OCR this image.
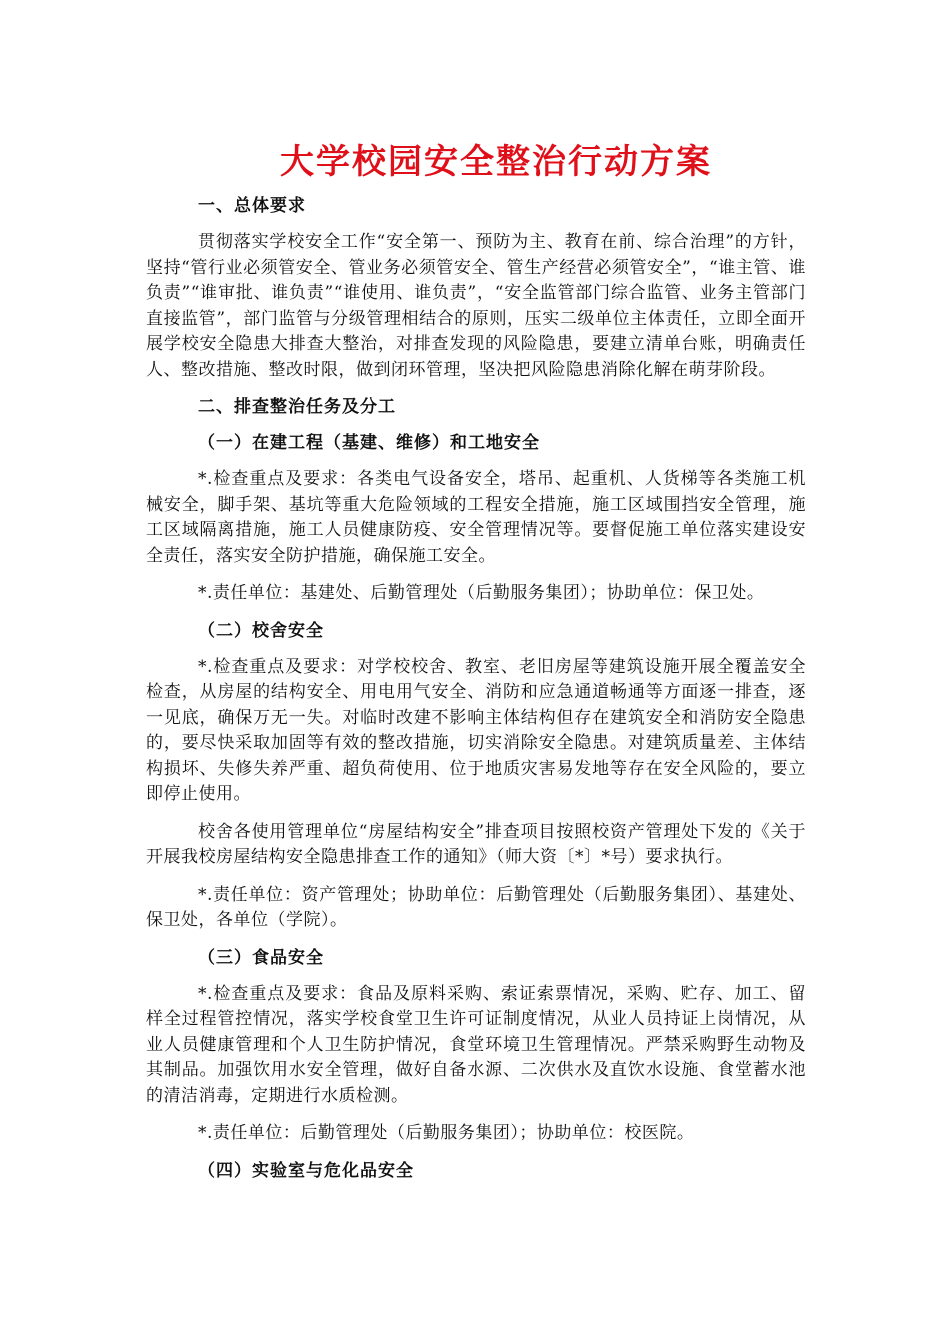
大学校园安全整治行动方案
一、总体要求
贯彻落实学校安全工作“安全第一、预防为主、教育在前、综合治理”的方针，坚持“管行业必须管安全、管业务必须管安全、管生产经营必须管安全”，“谁主管、谁负责”“谁审批、谁负责”“谁使用、谁负责”，“安全监管部门综合监管、业务主管部门直接监管”，部门监管与分级管理相结合的原则，压实二级单位主体责任，立即全面开展学校安全隐患大排查大整治，对排查发现的风险隐患，要建立清单台账，明确责任人、整改措施、整改时限，做到闭环管理，坚决把风险隐患消除化解在萌芽阶段。
二、排查整治任务及分工
（一）在建工程（基建、维修）和工地安全
*.检查重点及要求：各类电气设备安全，塔吊、起重机、人货梯等各类施工机械安全，脚手架、基坑等重大危险领域的工程安全措施，施工区域围挡安全管理，施工区域隔离措施，施工人员健康防疫、安全管理情况等。要督促施工单位落实建设安全责任，落实安全防护措施，确保施工安全。
*.责任单位：基建处、后勤管理处（后勤服务集团）；协助单位：保卫处。
（二）校舍安全
*.检查重点及要求：对学校校舍、教室、老旧房屋等建筑设施开展全覆盖安全检查，从房屋的结构安全、用电用气安全、消防和应急通道畅通等方面逐一排查，逐一见底，确保万无一失。对临时改建不影响主体结构但存在建筑安全和消防安全隐患的，要尽快采取加固等有效的整改措施，切实消除安全隐患。对建筑质量差、主体结构损坏、失修失养严重、超负荷使用、位于地质灾害易发地等存在安全风险的，要立即停止使用。
校舍各使用管理单位“房屋结构安全”排查项目按照校资产管理处下发的《关于开展我校房屋结构安全隐患排查工作的通知》（师大资〔*〕*号）要求执行。
*.责任单位：资产管理处；协助单位：后勤管理处（后勤服务集团）、基建处、保卫处，各单位（学院）。
（三）食品安全
*.检查重点及要求：食品及原料采购、索证索票情况，采购、贮存、加工、留样全过程管控情况，落实学校食堂卫生许可证制度情况，从业人员持证上岗情况，从业人员健康管理和个人卫生防护情况，食堂环境卫生管理情况。严禁采购野生动物及其制品。加强饮用水安全管理，做好自备水源、二次供水及直饮水设施、食堂蓄水池的清洁消毒，定期进行水质检测。
*.责任单位：后勤管理处（后勤服务集团）；协助单位：校医院。
（四）实验室与危化品安全
